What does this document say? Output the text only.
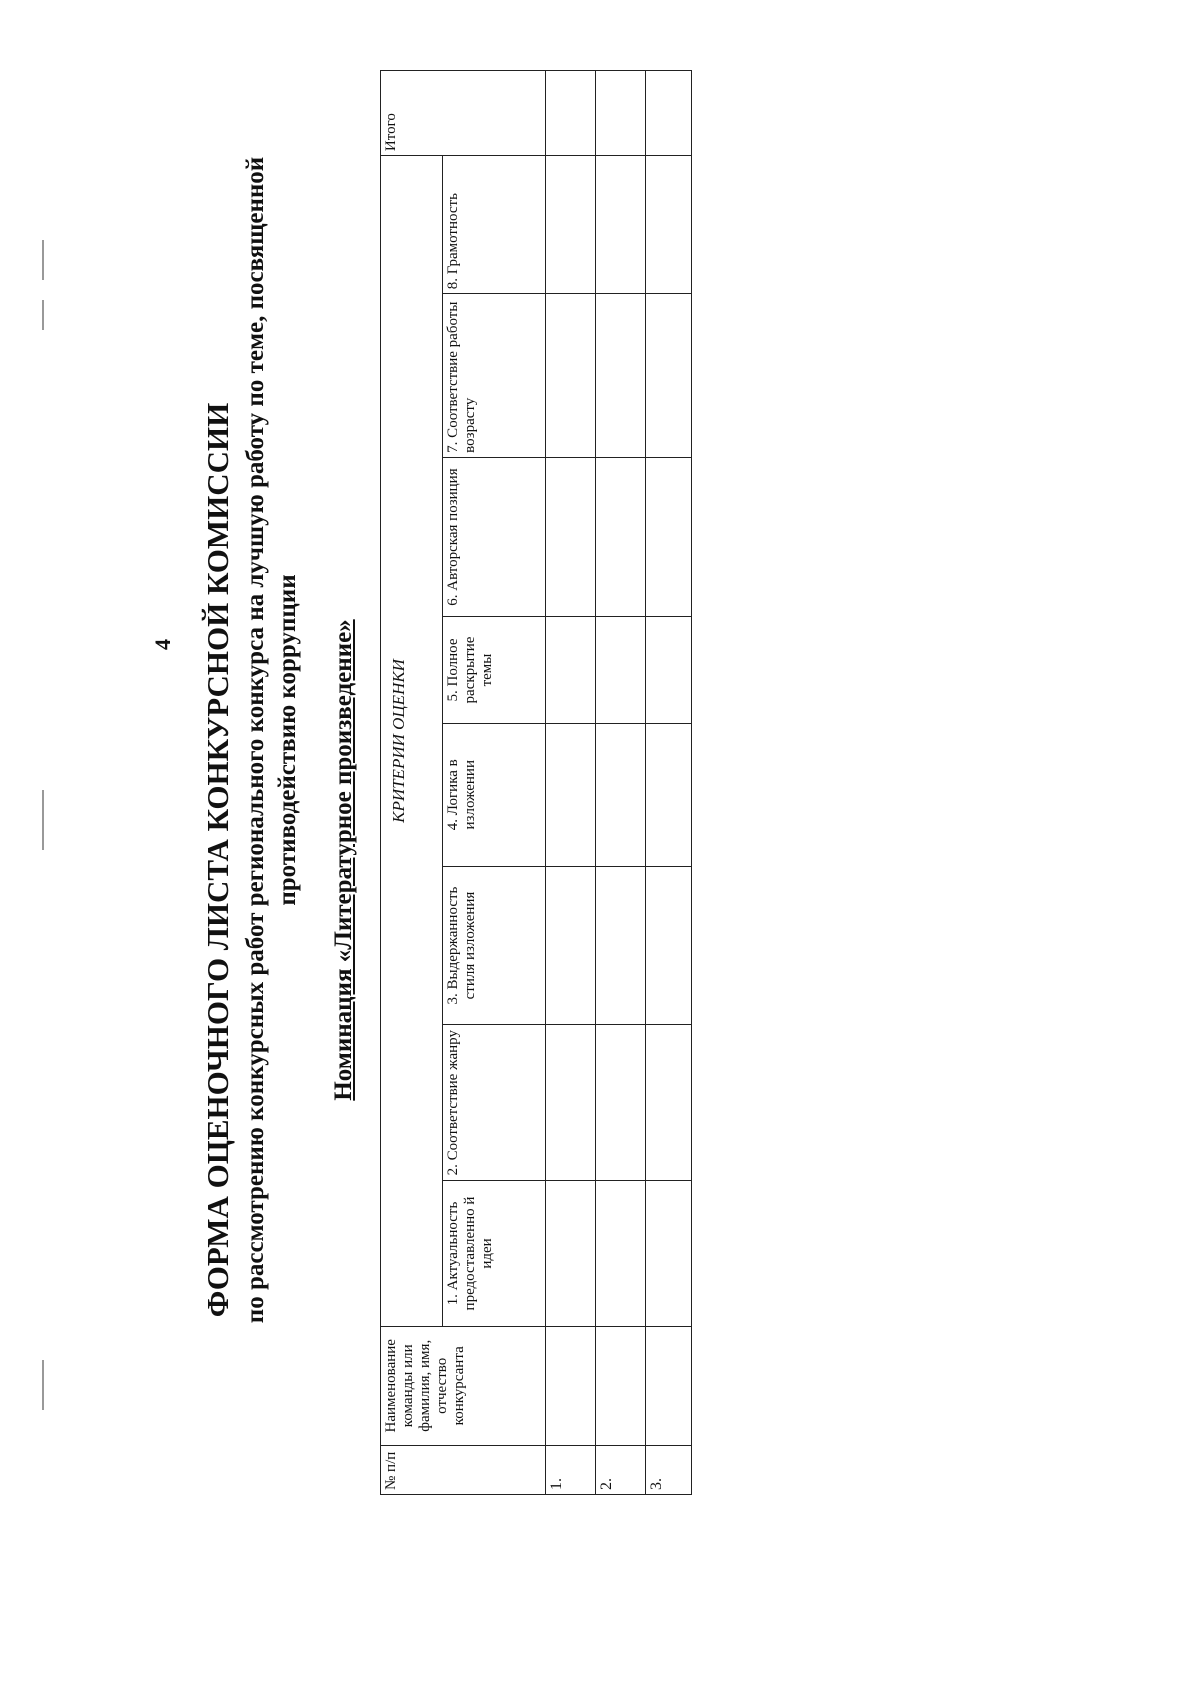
4 ФОРМА ОЦЕНОЧНОГО ЛИСТА КОНКУРСНОЙ КОМИССИИ по рассмотрению конкурсных работ регионального конкурса на лучшую работу по теме, посвященной противодействию коррупции Номинация «Литературное произведение»
№ п/п	Наименование команды или фамилия, имя, отчество конкурсанта	КРИТЕРИИ ОЦЕНКИ								Итого
		1. Актуальность предоставленно й идеи	2. Соответствие жанру	3. Выдержанность стиля изложения	4. Логика в изложении	5. Полное раскрытие темы	6. Авторская позиция	7. Соответствие работы возрасту	8. Грамотность	
1.										
2.										
3.										
